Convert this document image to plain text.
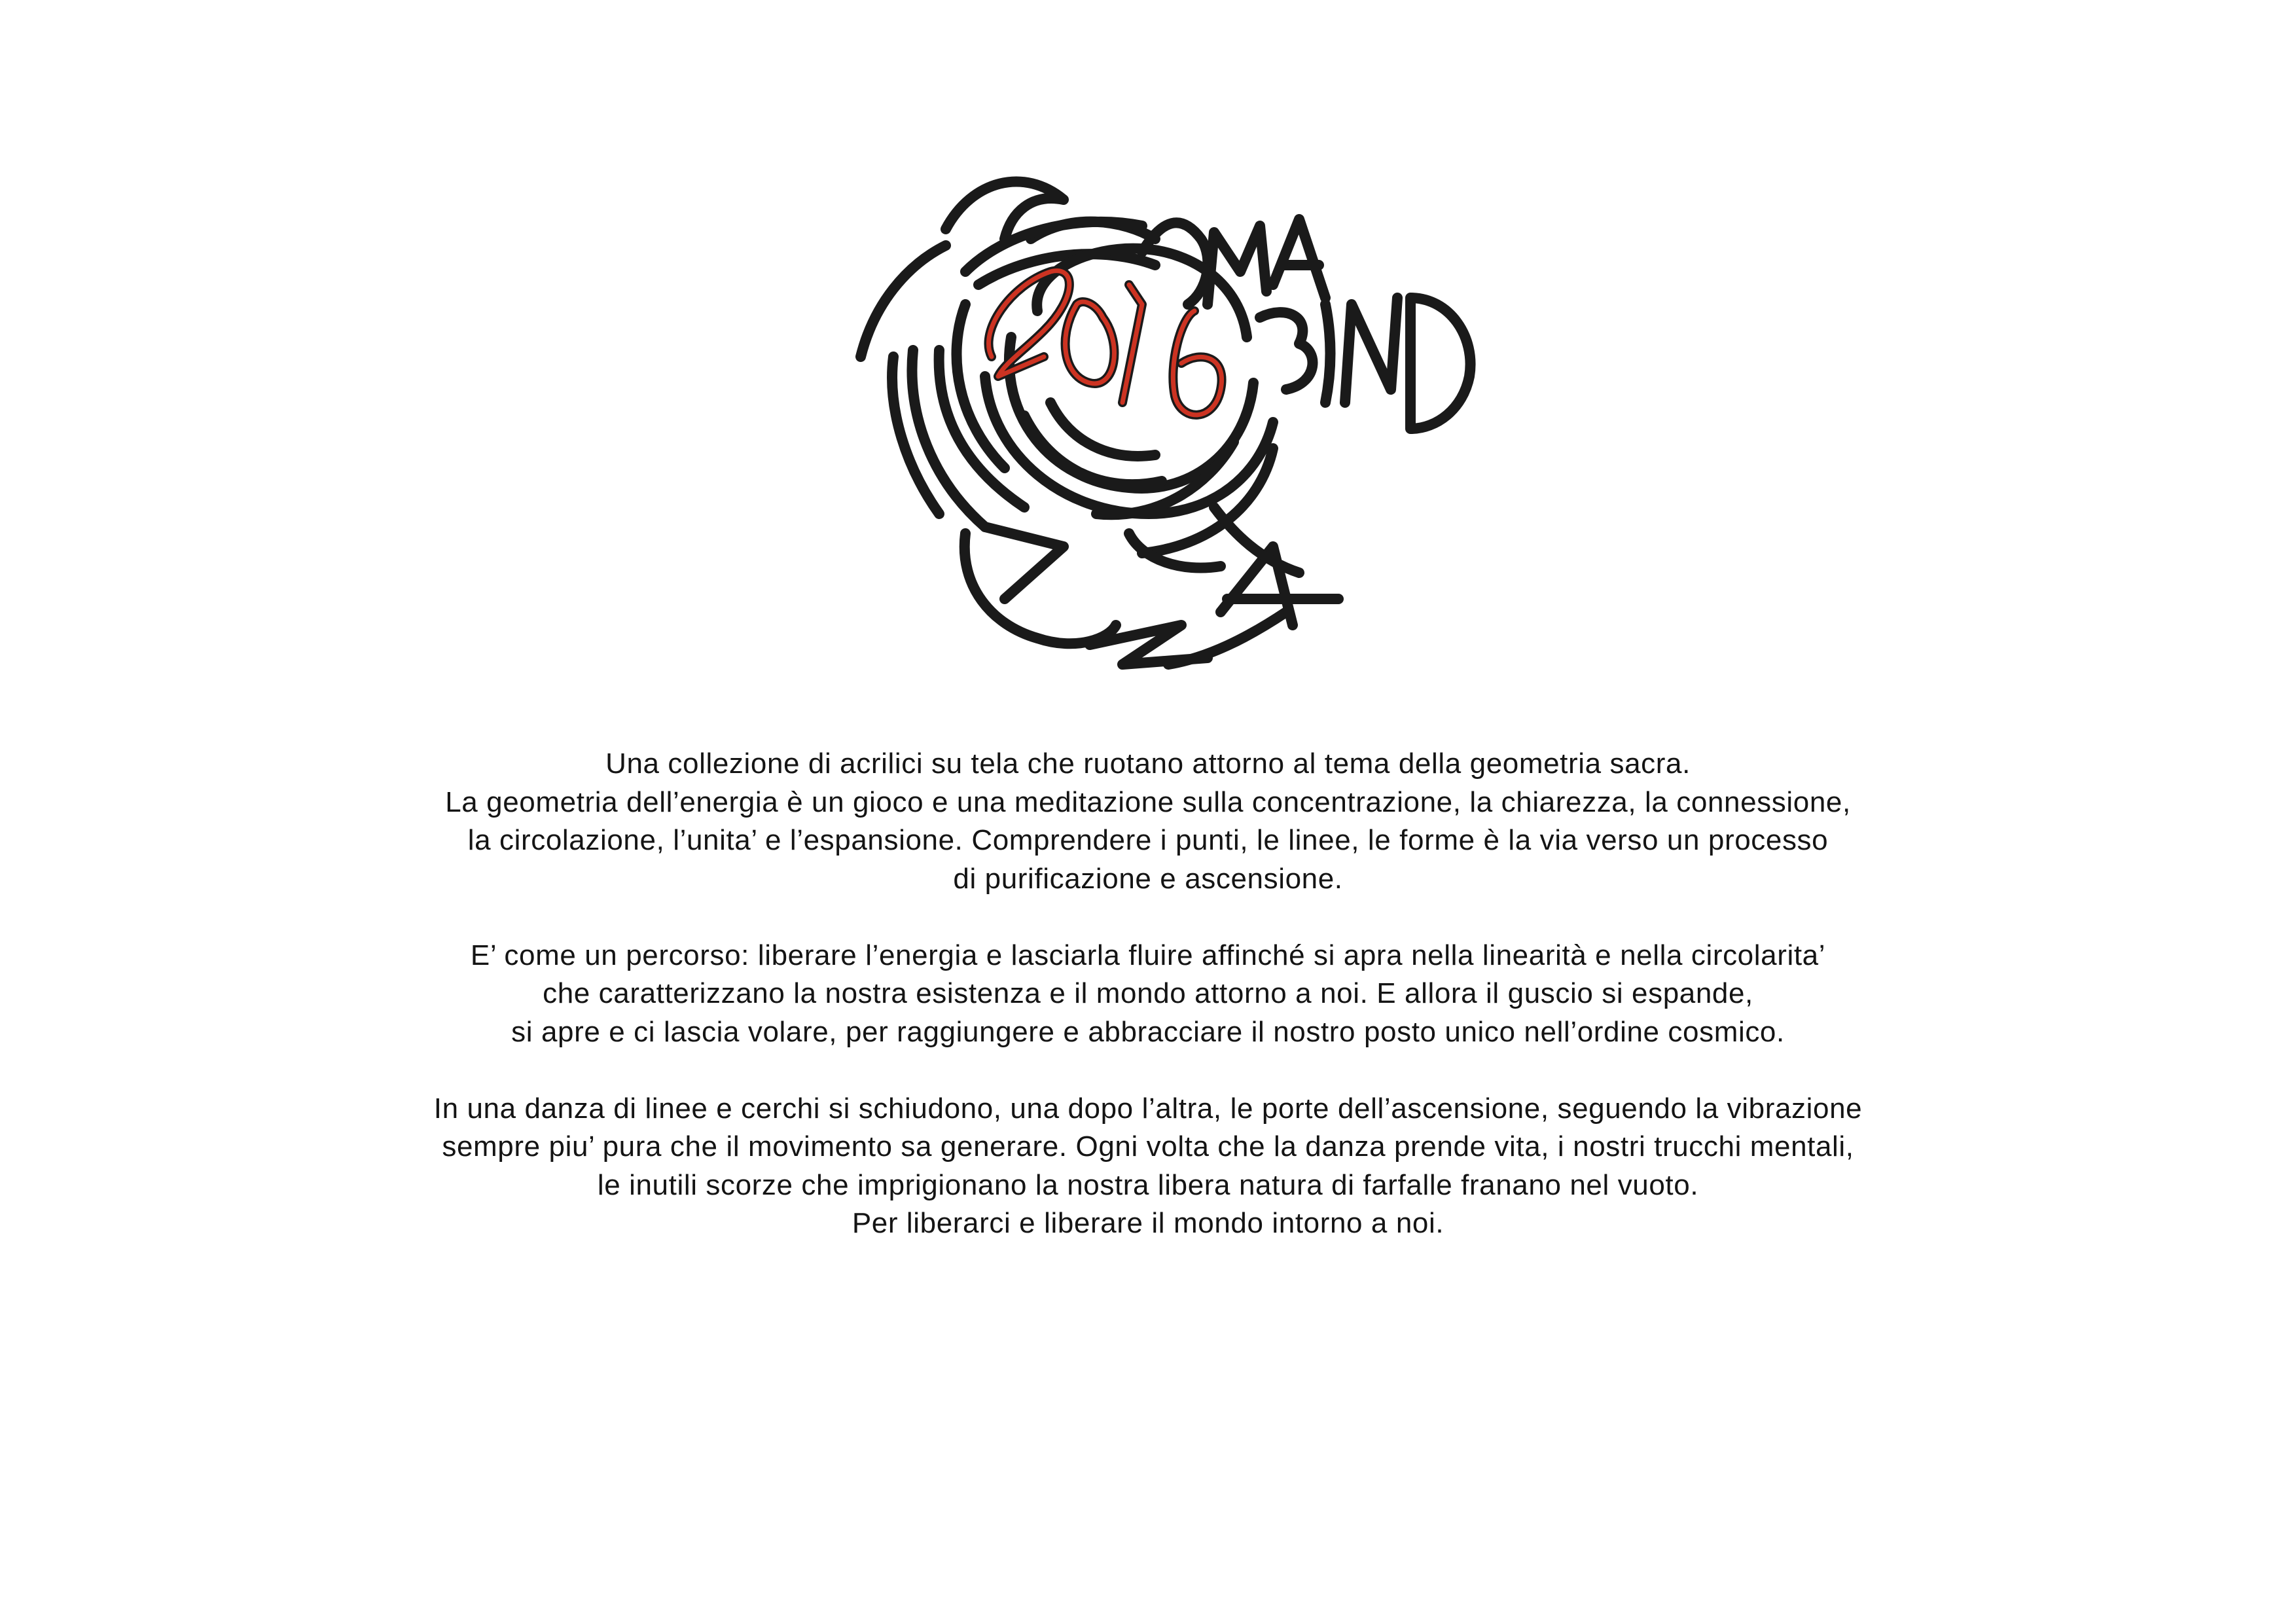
Una collezione di acrilici su tela che ruotano attorno al tema della geometria sacra.
La geometria dell’energia è un gioco e una meditazione sulla concentrazione, la chiarezza, la connessione,
la circolazione, l’unita’ e l’espansione. Comprendere i punti, le linee, le forme è la via verso un processo
di purificazione e ascensione.

E’ come un percorso: liberare l’energia e lasciarla fluire affinché si apra nella linearità e nella circolarita’
che caratterizzano la nostra esistenza e il mondo attorno a noi. E allora il guscio si espande,
si apre e ci lascia volare, per raggiungere e abbracciare il nostro posto unico nell’ordine cosmico.

In una danza di linee e cerchi si schiudono, una dopo l’altra, le porte dell’ascensione, seguendo la vibrazione
sempre piu’ pura che il movimento sa generare. Ogni volta che la danza prende vita, i nostri trucchi mentali,
le inutili scorze che imprigionano la nostra libera natura di farfalle franano nel vuoto.
Per liberarci e liberare il mondo intorno a noi.
